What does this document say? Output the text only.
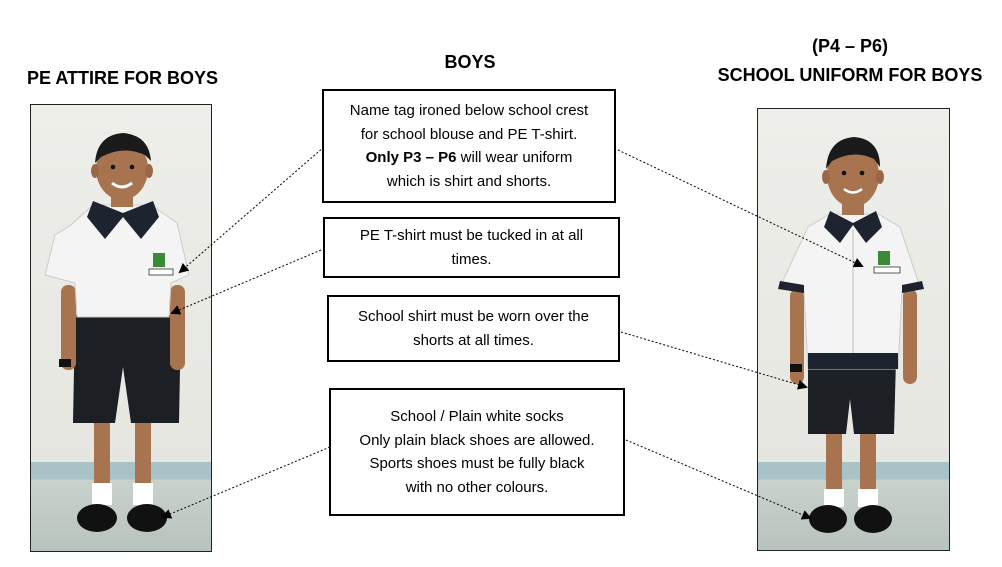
PE ATTIRE FOR BOYS
BOYS
(P4 – P6)
SCHOOL UNIFORM FOR BOYS

Name tag ironed below school crest

for school blouse and PE T-shirt.

Only P3 – P6 will wear uniform

which is shirt and shorts.

PE T-shirt must be tucked in at all

times.

School shirt must be worn over the

shorts at all times.

School / Plain white socks

Only plain black shoes are allowed.

Sports shoes must be fully black

with no other colours.
